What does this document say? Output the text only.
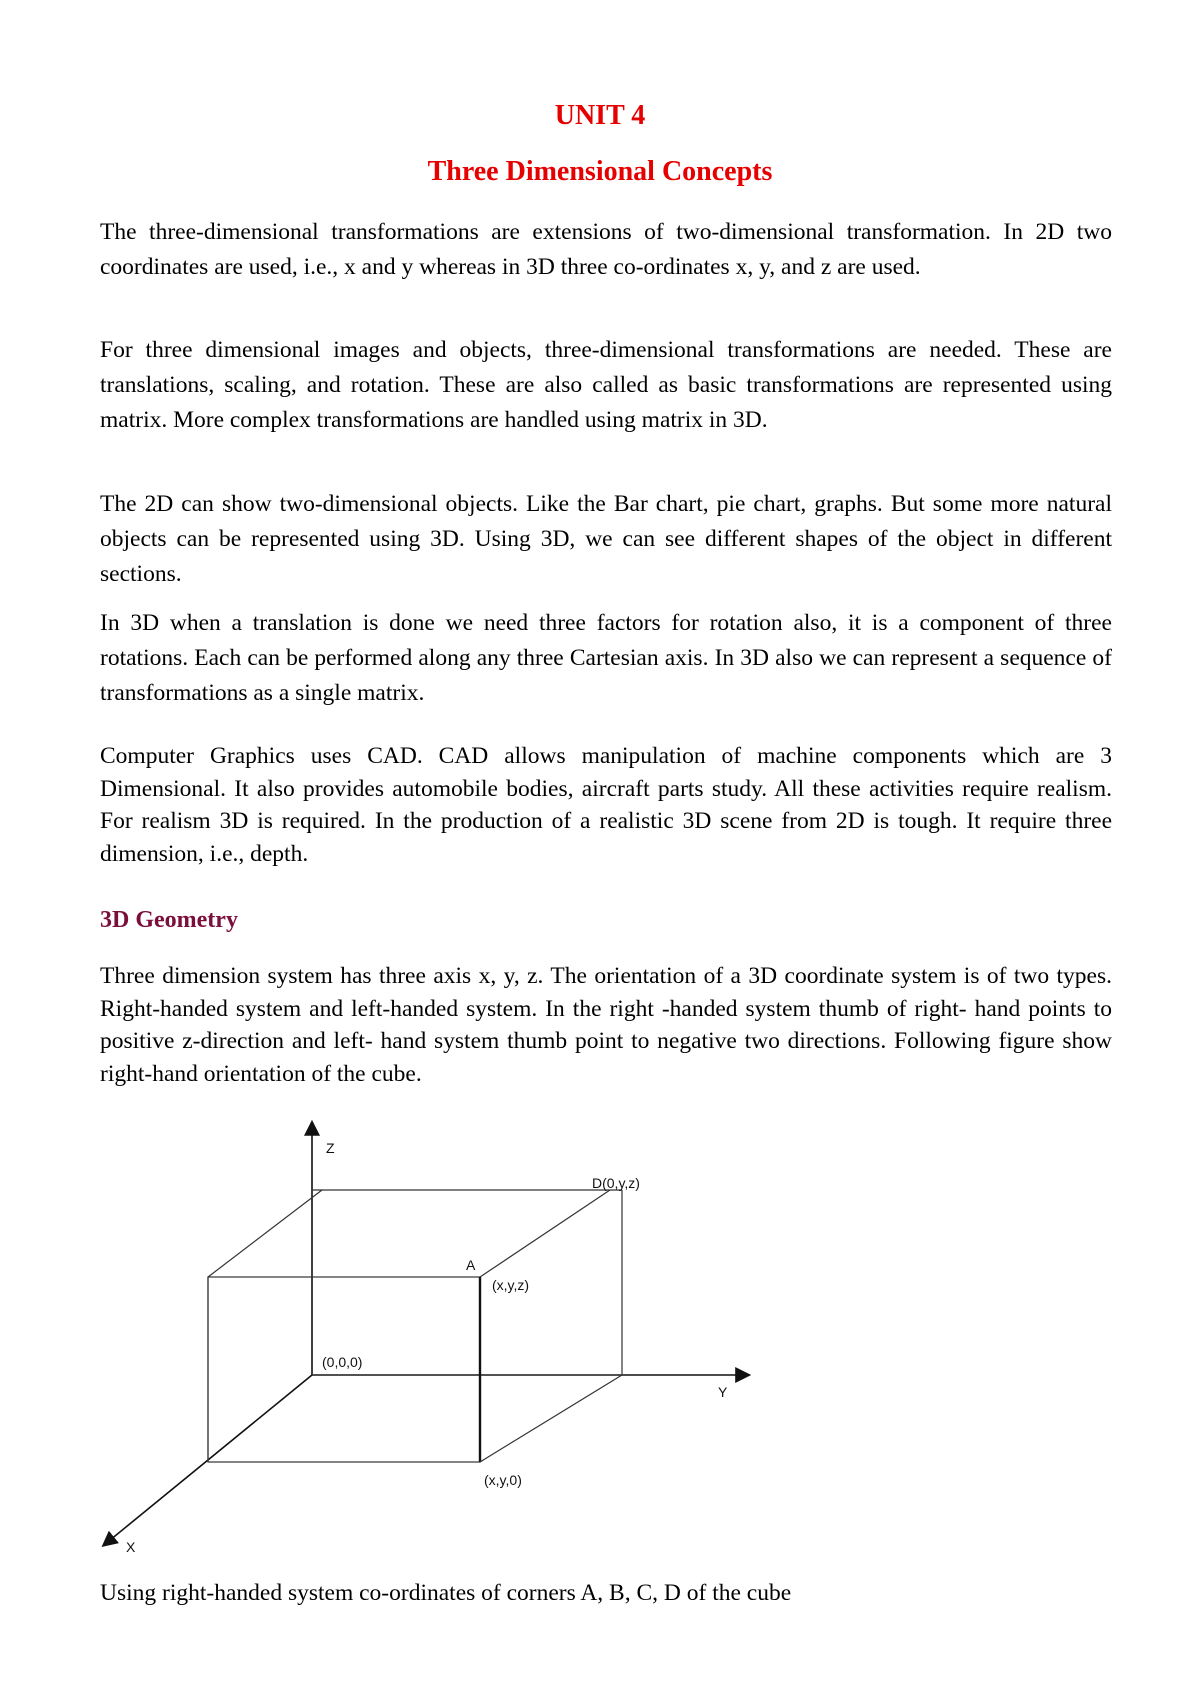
UNIT 4
Three Dimensional Concepts

The three-dimensional transformations are extensions of two-dimensional transformation. In 2D two coordinates are used, i.e., x and y whereas in 3D three co-ordinates x, y, and z are used.

For three dimensional images and objects, three-dimensional transformations are needed. These are translations, scaling, and rotation. These are also called as basic transformations are represented using matrix. More complex transformations are handled using matrix in 3D.

The 2D can show two-dimensional objects. Like the Bar chart, pie chart, graphs. But some more natural objects can be represented using 3D. Using 3D, we can see different shapes of the object in different sections.

In 3D when a translation is done we need three factors for rotation also, it is a component of three rotations. Each can be performed along any three Cartesian axis. In 3D also we can represent a sequence of transformations as a single matrix.

Computer Graphics uses CAD. CAD allows manipulation of machine components which are 3 Dimensional. It also provides automobile bodies, aircraft parts study. All these activities require realism. For realism 3D is required. In the production of a realistic 3D scene from 2D is tough. It require three dimension, i.e., depth.

3D Geometry

Three dimension system has three axis x, y, z. The orientation of a 3D coordinate system is of two types. Right-handed system and left-handed system. In the right -handed system thumb of right- hand points to positive z-direction and left- hand system thumb point to negative two directions. Following figure show right-hand orientation of the cube.

Z
D(0,y,z)
A
(x,y,z)
(0,0,0)
Y
(x,y,0)
X

Using right-handed system co-ordinates of corners A, B, C, D of the cube
